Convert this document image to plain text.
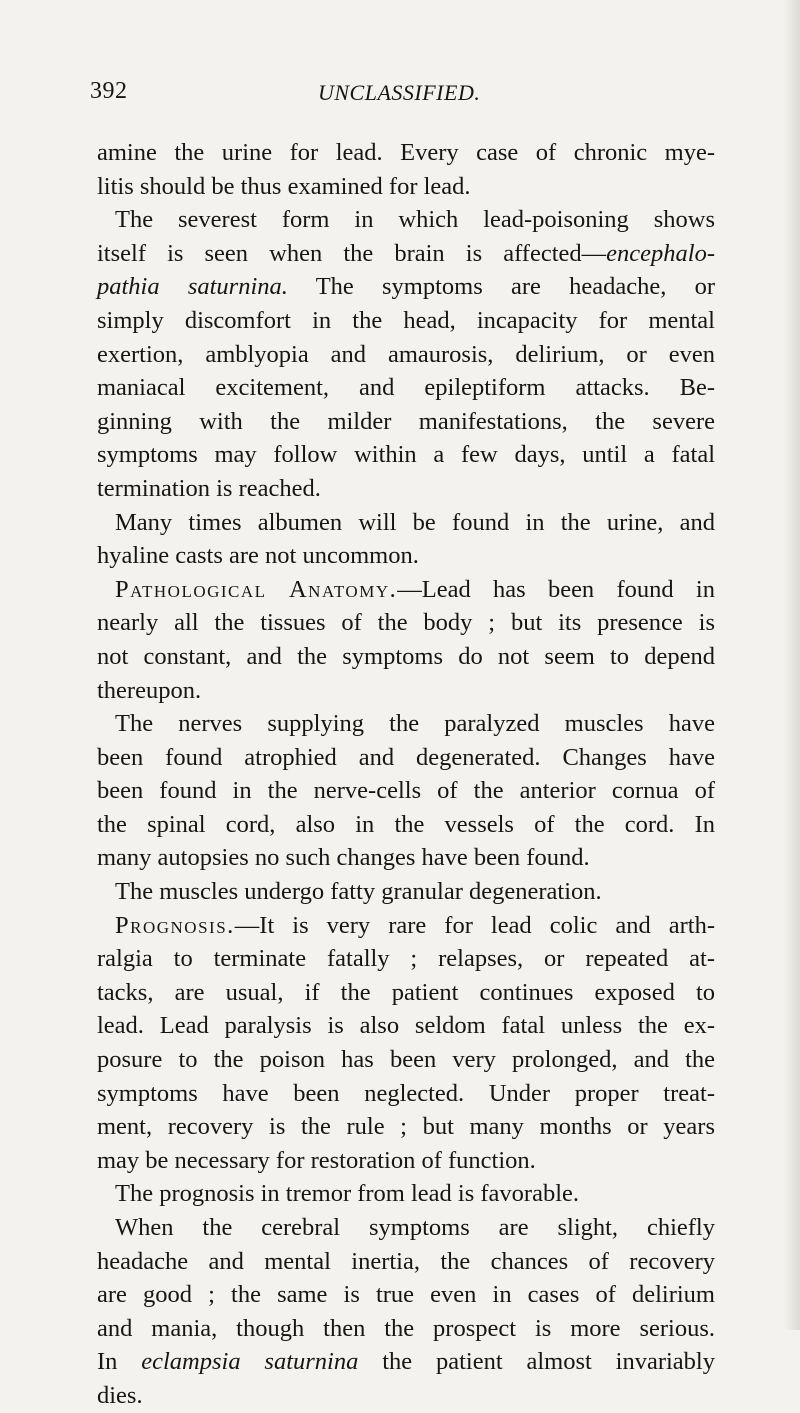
392	UNCLASSIFIED.
amine the urine for lead. Every case of chronic mye-
litis should be thus examined for lead.
The severest form in which lead-poisoning shows
itself is seen when the brain is affected—encephalo-
pathia saturnina. The symptoms are headache, or
simply discomfort in the head, incapacity for mental
exertion, amblyopia and amaurosis, delirium, or even
maniacal excitement, and epileptiform attacks. Be-
ginning with the milder manifestations, the severe
symptoms may follow within a few days, until a fatal
termination is reached.
Many times albumen will be found in the urine, and
hyaline casts are not uncommon.
Pathological Anatomy.—Lead has been found in
nearly all the tissues of the body ; but its presence is
not constant, and the symptoms do not seem to depend
thereupon.
The nerves supplying the paralyzed muscles have
been found atrophied and degenerated. Changes have
been found in the nerve-cells of the anterior cornua of
the spinal cord, also in the vessels of the cord. In
many autopsies no such changes have been found.
The muscles undergo fatty granular degeneration.
Prognosis.—It is very rare for lead colic and arth-
ralgia to terminate fatally ; relapses, or repeated at-
tacks, are usual, if the patient continues exposed to
lead. Lead paralysis is also seldom fatal unless the ex-
posure to the poison has been very prolonged, and the
symptoms have been neglected. Under proper treat-
ment, recovery is the rule ; but many months or years
may be necessary for restoration of function.
The prognosis in tremor from lead is favorable.
When the cerebral symptoms are slight, chiefly
headache and mental inertia, the chances of recovery
are good ; the same is true even in cases of delirium
and mania, though then the prospect is more serious.
In eclampsia saturnina the patient almost invariably
dies.
